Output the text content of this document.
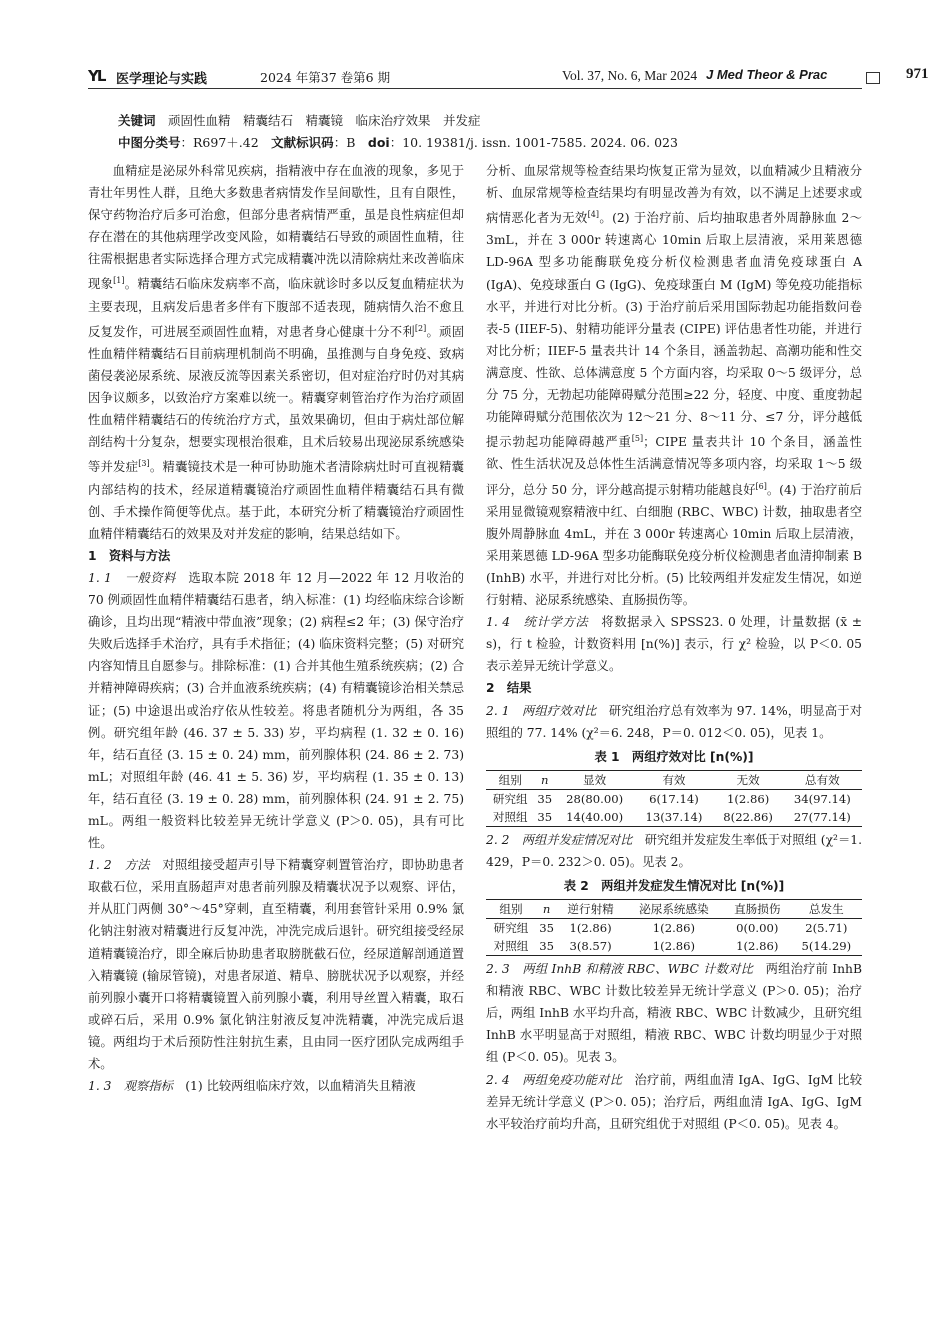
YL 医学理论与实践	2024 年第37 卷第6 期	Vol. 37, No. 6, Mar 2024 J Med Theor & Prac	971
关键词　顽固性血精　精囊结石　精囊镜　临床治疗效果　并发症
中图分类号：R697＋.42　文献标识码：B　doi：10. 19381/j. issn. 1001-7585. 2024. 06. 023

血精症是泌尿外科常见疾病，指精液中存在血液的现象，多见于青壮年男性人群，且绝大多数患者病情发作呈间歇性，且有自限性，保守药物治疗后多可治愈，但部分患者病情严重，虽是良性病症但却存在潜在的其他病理学改变风险，如精囊结石导致的顽固性血精，往往需根据患者实际选择合理方式完成精囊冲洗以清除病灶来改善临床现象[1]。精囊结石临床发病率不高，临床就诊时多以反复血精症状为主要表现，且病发后患者多伴有下腹部不适表现，随病情久治不愈且反复发作，可进展至顽固性血精，对患者身心健康十分不利[2]。顽固性血精伴精囊结石目前病理机制尚不明确，虽推测与自身免疫、致病菌侵袭泌尿系统、尿液反流等因素关系密切，但对症治疗时仍对其病因争议颇多，以致治疗方案难以统一。精囊穿刺管治疗作为治疗顽固性血精伴精囊结石的传统治疗方式，虽效果确切，但由于病灶部位解剖结构十分复杂，想要实现根治很难，且术后较易出现泌尿系统感染等并发症[3]。精囊镜技术是一种可协助施术者清除病灶时可直视精囊内部结构的技术，经尿道精囊镜治疗顽固性血精伴精囊结石具有微创、手术操作简便等优点。基于此，本研究分析了精囊镜治疗顽固性血精伴精囊结石的效果及对并发症的影响，结果总结如下。

1　资料与方法

1. 1　一般资料　选取本院 2018 年 12 月—2022 年 12 月收治的 70 例顽固性血精伴精囊结石患者，纳入标准：(1) 均经临床综合诊断确诊，且均出现“精液中带血液”现象；(2) 病程≤2 年；(3) 保守治疗失败后选择手术治疗，具有手术指征；(4) 临床资料完整；(5) 对研究内容知情且自愿参与。排除标准：(1) 合并其他生殖系统疾病；(2) 合并精神障碍疾病；(3) 合并血液系统疾病；(4) 有精囊镜诊治相关禁忌证；(5) 中途退出或治疗依从性较差。将患者随机分为两组，各 35 例。研究组年龄 (46. 37 ± 5. 33) 岁，平均病程 (1. 32 ± 0. 16) 年，结石直径 (3. 15 ± 0. 24) mm，前列腺体积 (24. 86 ± 2. 73) mL；对照组年龄 (46. 41 ± 5. 36) 岁，平均病程 (1. 35 ± 0. 13) 年，结石直径 (3. 19 ± 0. 28) mm，前列腺体积 (24. 91 ± 2. 75) mL。两组一般资料比较差异无统计学意义 (P＞0. 05)，具有可比性。

1. 2　方法　对照组接受超声引导下精囊穿刺置管治疗，即协助患者取截石位，采用直肠超声对患者前列腺及精囊状况予以观察、评估，并从肛门两侧 30°～45°穿刺，直至精囊，利用套管针采用 0.9% 氯化钠注射液对精囊进行反复冲洗，冲洗完成后退针。研究组接受经尿道精囊镜治疗，即全麻后协助患者取膀胱截石位，经尿道解剖通道置入精囊镜 (输尿管镜)，对患者尿道、精阜、膀胱状况予以观察，并经前列腺小囊开口将精囊镜置入前列腺小囊，利用导丝置入精囊，取石或碎石后，采用 0.9% 氯化钠注射液反复冲洗精囊，冲洗完成后退镜。两组均于术后预防性注射抗生素，且由同一医疗团队完成两组手术。

1. 3　观察指标　(1) 比较两组临床疗效，以血精消失且精液

分析、血尿常规等检查结果均恢复正常为显效，以血精减少且精液分析、血尿常规等检查结果均有明显改善为有效，以不满足上述要求或病情恶化者为无效[4]。(2) 于治疗前、后均抽取患者外周静脉血 2～3mL，并在 3 000r 转速离心 10min 后取上层清液，采用莱恩德 LD-96A 型多功能酶联免疫分析仪检测患者血清免疫球蛋白 A (IgA)、免疫球蛋白 G (IgG)、免疫球蛋白 M (IgM) 等免疫功能指标水平，并进行对比分析。(3) 于治疗前后采用国际勃起功能指数问卷表-5 (IIEF-5)、射精功能评分量表 (CIPE) 评估患者性功能，并进行对比分析；IIEF-5 量表共计 14 个条目，涵盖勃起、高潮功能和性交满意度、性欲、总体满意度 5 个方面内容，均采取 0～5 级评分，总分 75 分，无勃起功能障碍赋分范围≥22 分，轻度、中度、重度勃起功能障碍赋分范围依次为 12～21 分、8～11 分、≤7 分，评分越低提示勃起功能障碍越严重[5]；CIPE 量表共计 10 个条目，涵盖性欲、性生活状况及总体性生活满意情况等多项内容，均采取 1～5 级评分，总分 50 分，评分越高提示射精功能越良好[6]。(4) 于治疗前后采用显微镜观察精液中红、白细胞 (RBC、WBC) 计数，抽取患者空腹外周静脉血 4mL，并在 3 000r 转速离心 10min 后取上层清液，采用莱恩德 LD-96A 型多功能酶联免疫分析仪检测患者血清抑制素 B (InhB) 水平，并进行对比分析。(5) 比较两组并发症发生情况，如逆行射精、泌尿系统感染、直肠损伤等。

1. 4　统计学方法　将数据录入 SPSS23. 0 处理，计量数据 (x̄ ± s)，行 t 检验，计数资料用 [n(%)] 表示，行 χ² 检验，以 P＜0. 05 表示差异无统计学意义。

2　结果

2. 1　两组疗效对比　研究组治疗总有效率为 97. 14%，明显高于对照组的 77. 14% (χ²＝6. 248，P＝0. 012＜0. 05)，见表 1。

表 1　两组疗效对比 [n(%)]
组别	n	显效	有效	无效	总有效
研究组	35	28(80.00)	6(17.14)	1(2.86)	34(97.14)
对照组	35	14(40.00)	13(37.14)	8(22.86)	27(77.14)

2. 2　两组并发症情况对比　研究组并发症发生率低于对照组 (χ²＝1. 429，P＝0. 232＞0. 05)。见表 2。

表 2　两组并发症发生情况对比 [n(%)]
组别	n	逆行射精	泌尿系统感染	直肠损伤	总发生
研究组	35	1(2.86)	1(2.86)	0(0.00)	2(5.71)
对照组	35	3(8.57)	1(2.86)	1(2.86)	5(14.29)

2. 3　两组 InhB 和精液 RBC、WBC 计数对比　两组治疗前 InhB 和精液 RBC、WBC 计数比较差异无统计学意义 (P＞0. 05)；治疗后，两组 InhB 水平均升高，精液 RBC、WBC 计数减少，且研究组 InhB 水平明显高于对照组，精液 RBC、WBC 计数均明显少于对照组 (P＜0. 05)。见表 3。

2. 4　两组免疫功能对比　治疗前，两组血清 IgA、IgG、IgM 比较差异无统计学意义 (P＞0. 05)；治疗后，两组血清 IgA、IgG、IgM 水平较治疗前均升高，且研究组优于对照组 (P＜0. 05)。见表 4。
